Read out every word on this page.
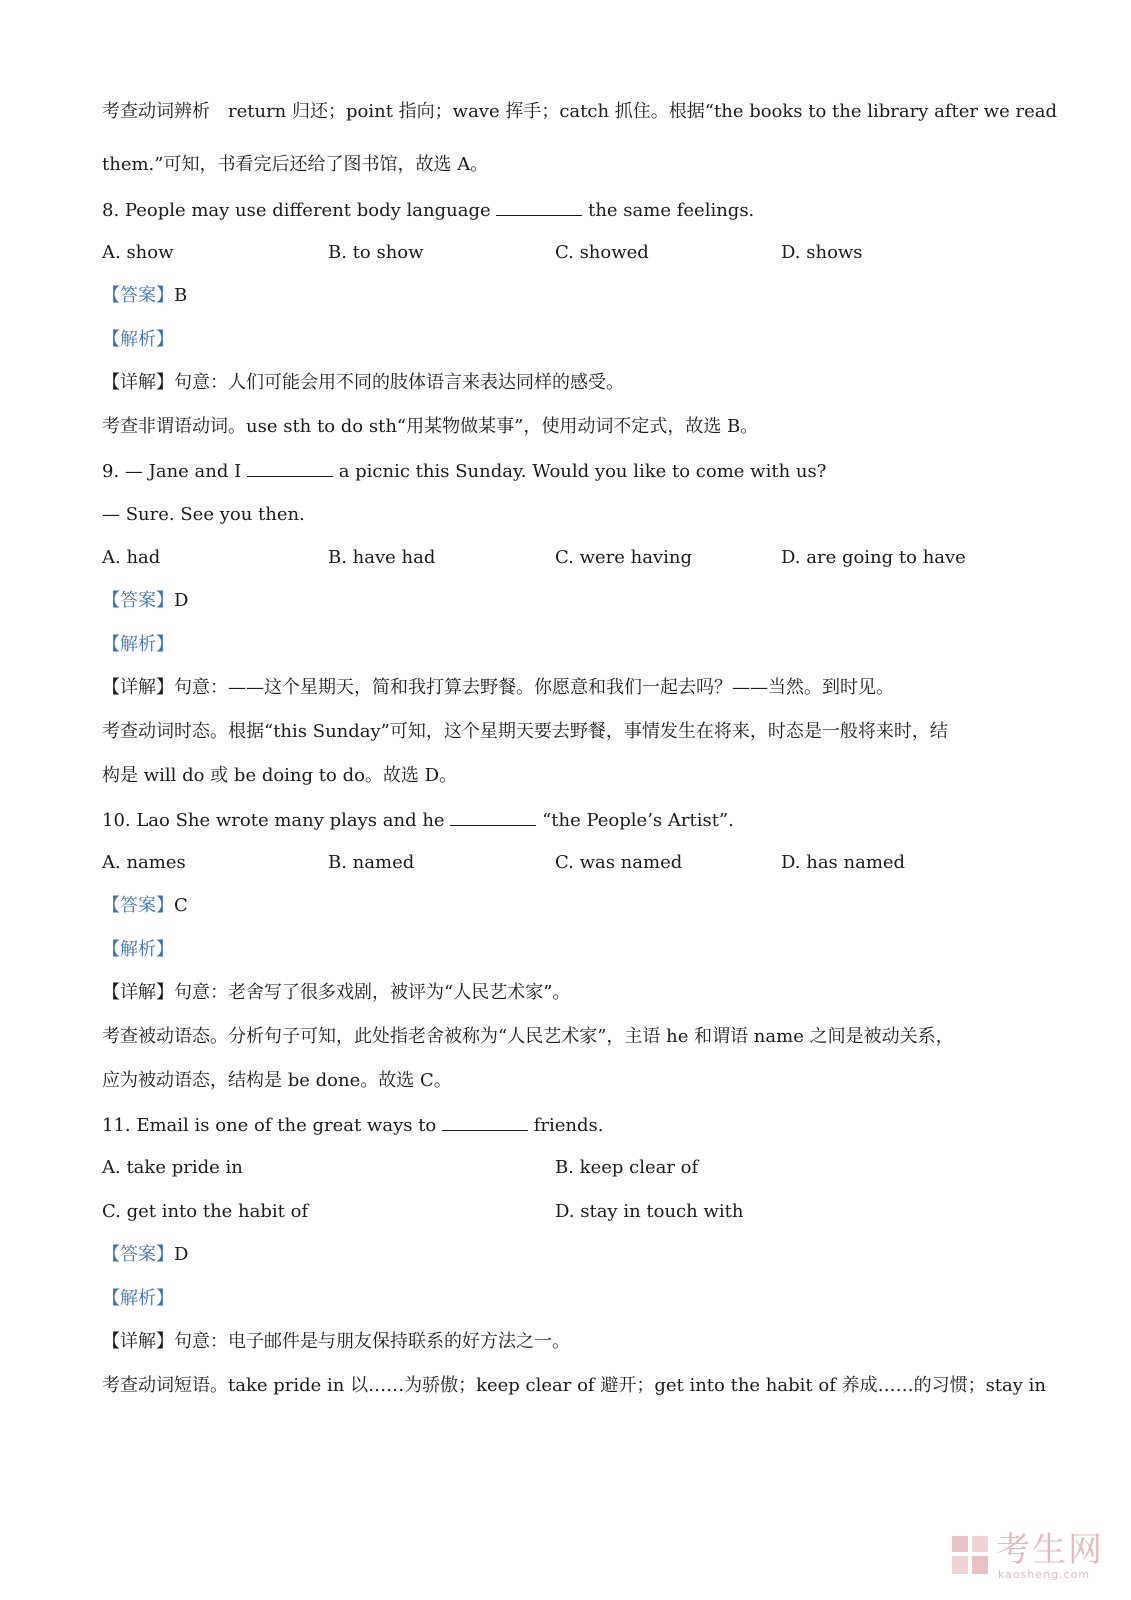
考查动词辨析　return 归还；point 指向；wave 挥手；catch 抓住。根据“the books to the library after we read
them.”可知，书看完后还给了图书馆，故选 A。
8. People may use different body language	the same feelings.
A. show	B. to show	C. showed	D. shows
【答案】B
【解析】
【详解】句意：人们可能会用不同的肢体语言来表达同样的感受。
考查非谓语动词。use sth to do sth“用某物做某事”，使用动词不定式，故选 B。
9. — Jane and I	a picnic this Sunday. Would you like to come with us?
— Sure. See you then.
A. had	B. have had	C. were having	D. are going to have
【答案】D
【解析】
【详解】句意：——这个星期天，简和我打算去野餐。你愿意和我们一起去吗？——当然。到时见。
考查动词时态。根据“this Sunday”可知，这个星期天要去野餐，事情发生在将来，时态是一般将来时，结
构是 will do 或 be doing to do。故选 D。
10. Lao She wrote many plays and he	“the People’s Artist”.
A. names	B. named	C. was named	D. has named
【答案】C
【解析】
【详解】句意：老舍写了很多戏剧，被评为“人民艺术家”。
考查被动语态。分析句子可知，此处指老舍被称为“人民艺术家”，主语 he 和谓语 name 之间是被动关系，
应为被动语态，结构是 be done。故选 C。
11. Email is one of the great ways to	friends.
A. take pride in	B. keep clear of
C. get into the habit of	D. stay in touch with
【答案】D
【解析】
【详解】句意：电子邮件是与朋友保持联系的好方法之一。
考查动词短语。take pride in 以……为骄傲；keep clear of 避开；get into the habit of 养成……的习惯；stay in
考生网
kaosheng.com
